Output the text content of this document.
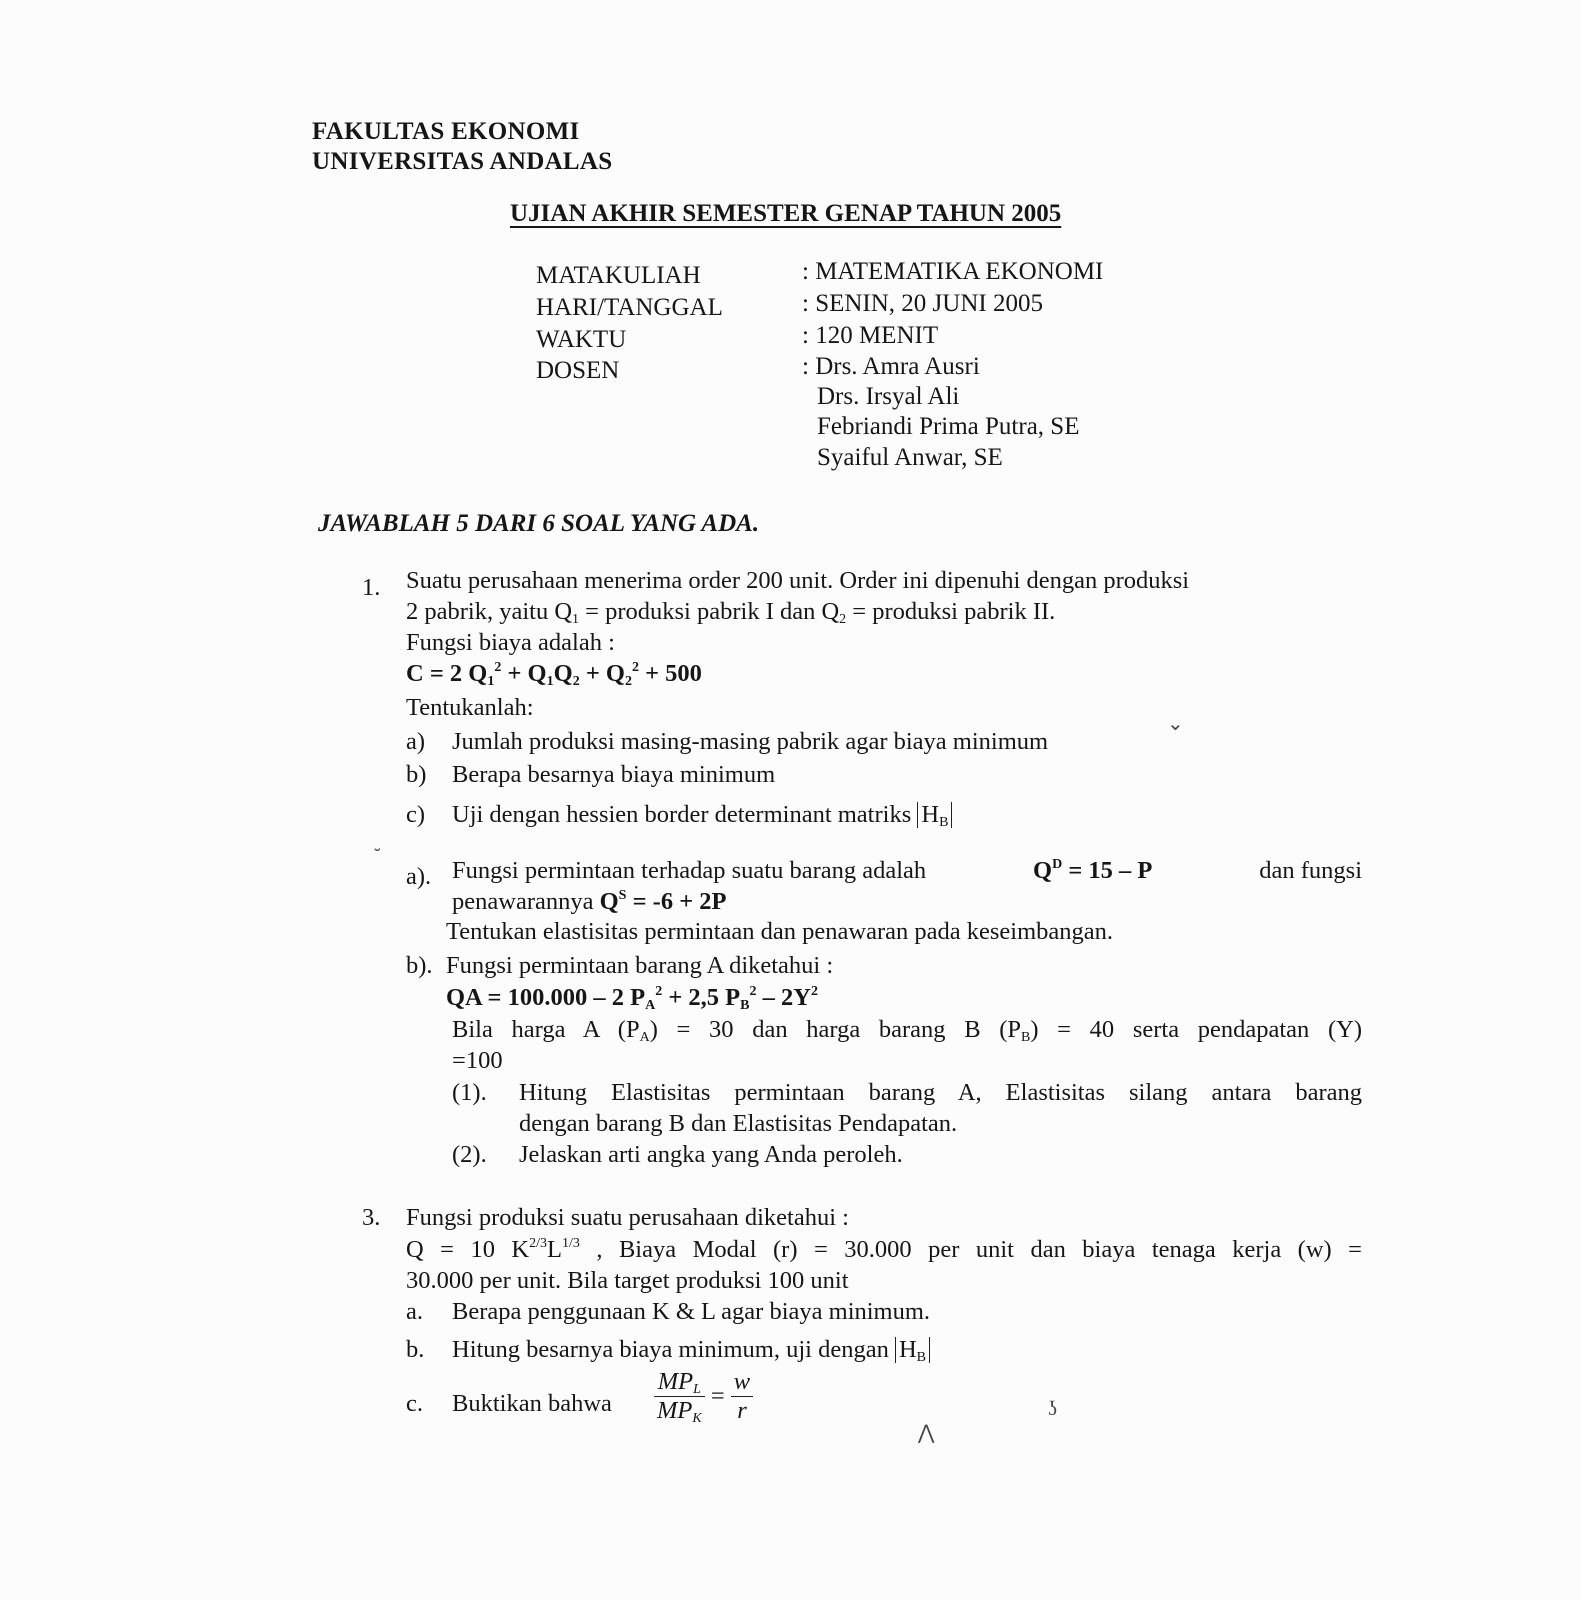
FAKULTAS EKONOMI
UNIVERSITAS ANDALAS
UJIAN AKHIR SEMESTER GENAP TAHUN 2005
MATAKULIAH	: MATEMATIKA EKONOMI
HARI/TANGGAL	: SENIN, 20 JUNI 2005
WAKTU	: 120 MENIT
DOSEN	: Drs. Amra Ausri
Drs. Irsyal Ali
Febriandi Prima Putra, SE
Syaiful Anwar, SE
JAWABLAH 5 DARI 6 SOAL YANG ADA.
1. Suatu perusahaan menerima order 200 unit. Order ini dipenuhi dengan produksi
2 pabrik, yaitu $Q_1$ = produksi pabrik I dan $Q_2$ = produksi pabrik II.
Fungsi biaya adalah :
C = 2 $Q_1^2 + Q_1Q_2 + Q_2^2 + 500$
Tentukanlah:
a) Jumlah produksi masing-masing pabrik agar biaya minimum
b) Berapa besarnya biaya minimum
c) Uji dengan hessien border determinant matriks $H_B$
⌄
˘
a). Fungsi permintaan terhadap suatu barang adalah	$Q^D = 15 - P$	dan fungsi
penawarannya $Q^S = -6 + 2P$
Tentukan elastisitas permintaan dan penawaran pada keseimbangan.
b). Fungsi permintaan barang A diketahui :
QA = 100.000 – 2 $P_A^2 + 2,5$ $P_B^2 - 2Y^2$
Bila harga A $(P_A) = 30$ dan harga barang B $(P_B) = 40$ serta pendapatan (Y)
=100
(1). Hitung Elastisitas permintaan barang A, Elastisitas silang antara barang
dengan barang B dan Elastisitas Pendapatan.
(2). Jelaskan arti angka yang Anda peroleh.
3. Fungsi produksi suatu perusahaan diketahui :
Q = 10 $K^{2/3}L^{1/3}$ , Biaya Modal (r) = 30.000 per unit dan biaya tenaga kerja (w) =
30.000 per unit. Bila target produksi 100 unit
a. Berapa penggunaan K & L agar biaya minimum.
b. Hitung besarnya biaya minimum, uji dengan $H_B$
c. Buktikan bahwa $\frac{MP_L}{MP_K} = \frac{w}{r}$
⋀
ʖ
